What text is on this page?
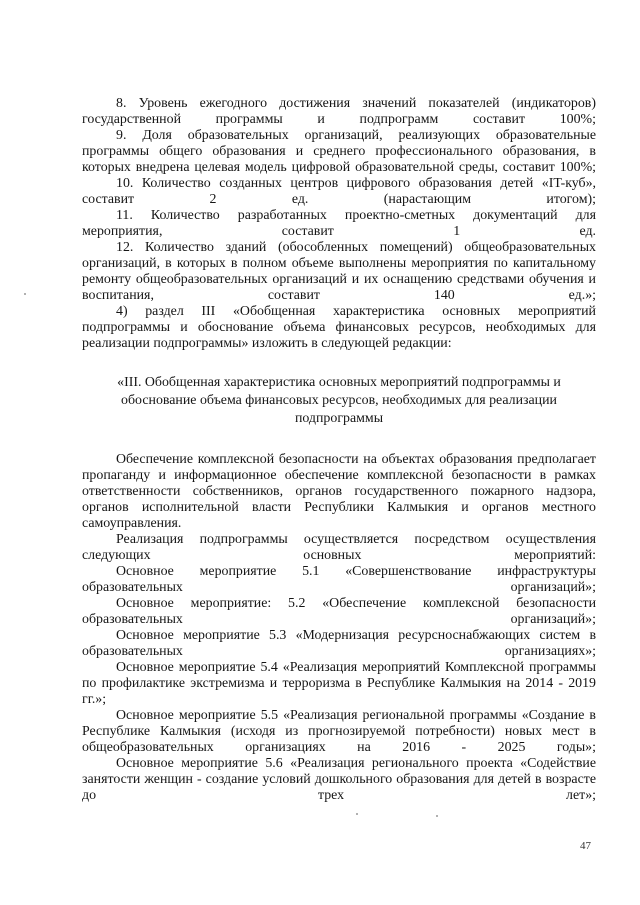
8. Уровень ежегодного достижения значений показателей (индикаторов) государственной программы и подпрограмм составит 100%;

9. Доля образовательных организаций, реализующих образовательные программы общего образования и среднего профессионального образования, в которых внедрена целевая модель цифровой образовательной среды, составит 100%;

10. Количество созданных центров цифрового образования детей «IT-куб», составит 2 ед. (нарастающим итогом);

11. Количество разработанных проектно-сметных документаций для мероприятия, составит 1 ед.

12. Количество зданий (обособленных помещений) общеобразовательных организаций, в которых в полном объеме выполнены мероприятия по капитальному ремонту общеобразовательных организаций и их оснащению средствами обучения и воспитания, составит 140 ед.»;

4) раздел III «Обобщенная характеристика основных мероприятий подпрограммы и обоснование объема финансовых ресурсов, необходимых для реализации подпрограммы» изложить в следующей редакции:

«III. Обобщенная характеристика основных мероприятий подпрограммы и обоснование объема финансовых ресурсов, необходимых для реализации подпрограммы

Обеспечение комплексной безопасности на объектах образования предполагает пропаганду и информационное обеспечение комплексной безопасности в рамках ответственности собственников, органов государственного пожарного надзора, органов исполнительной власти Республики Калмыкия и органов местного самоуправления.

Реализация подпрограммы осуществляется посредством осуществления следующих основных мероприятий:

Основное мероприятие 5.1 «Совершенствование инфраструктуры образовательных организаций»;

Основное мероприятие: 5.2 «Обеспечение комплексной безопасности образовательных организаций»;

Основное мероприятие 5.3 «Модернизация ресурсноснабжающих систем в образовательных организациях»;

Основное мероприятие 5.4 «Реализация мероприятий Комплексной программы по профилактике экстремизма и терроризма в Республике Калмыкия на 2014 - 2019 гг.»;

Основное мероприятие 5.5 «Реализация региональной программы «Создание в Республике Калмыкия (исходя из прогнозируемой потребности) новых мест в общеобразовательных организациях на 2016 - 2025 годы»;

Основное мероприятие 5.6 «Реализация регионального проекта «Содействие занятости женщин - создание условий дошкольного образования для детей в возрасте до трех лет»;

47
